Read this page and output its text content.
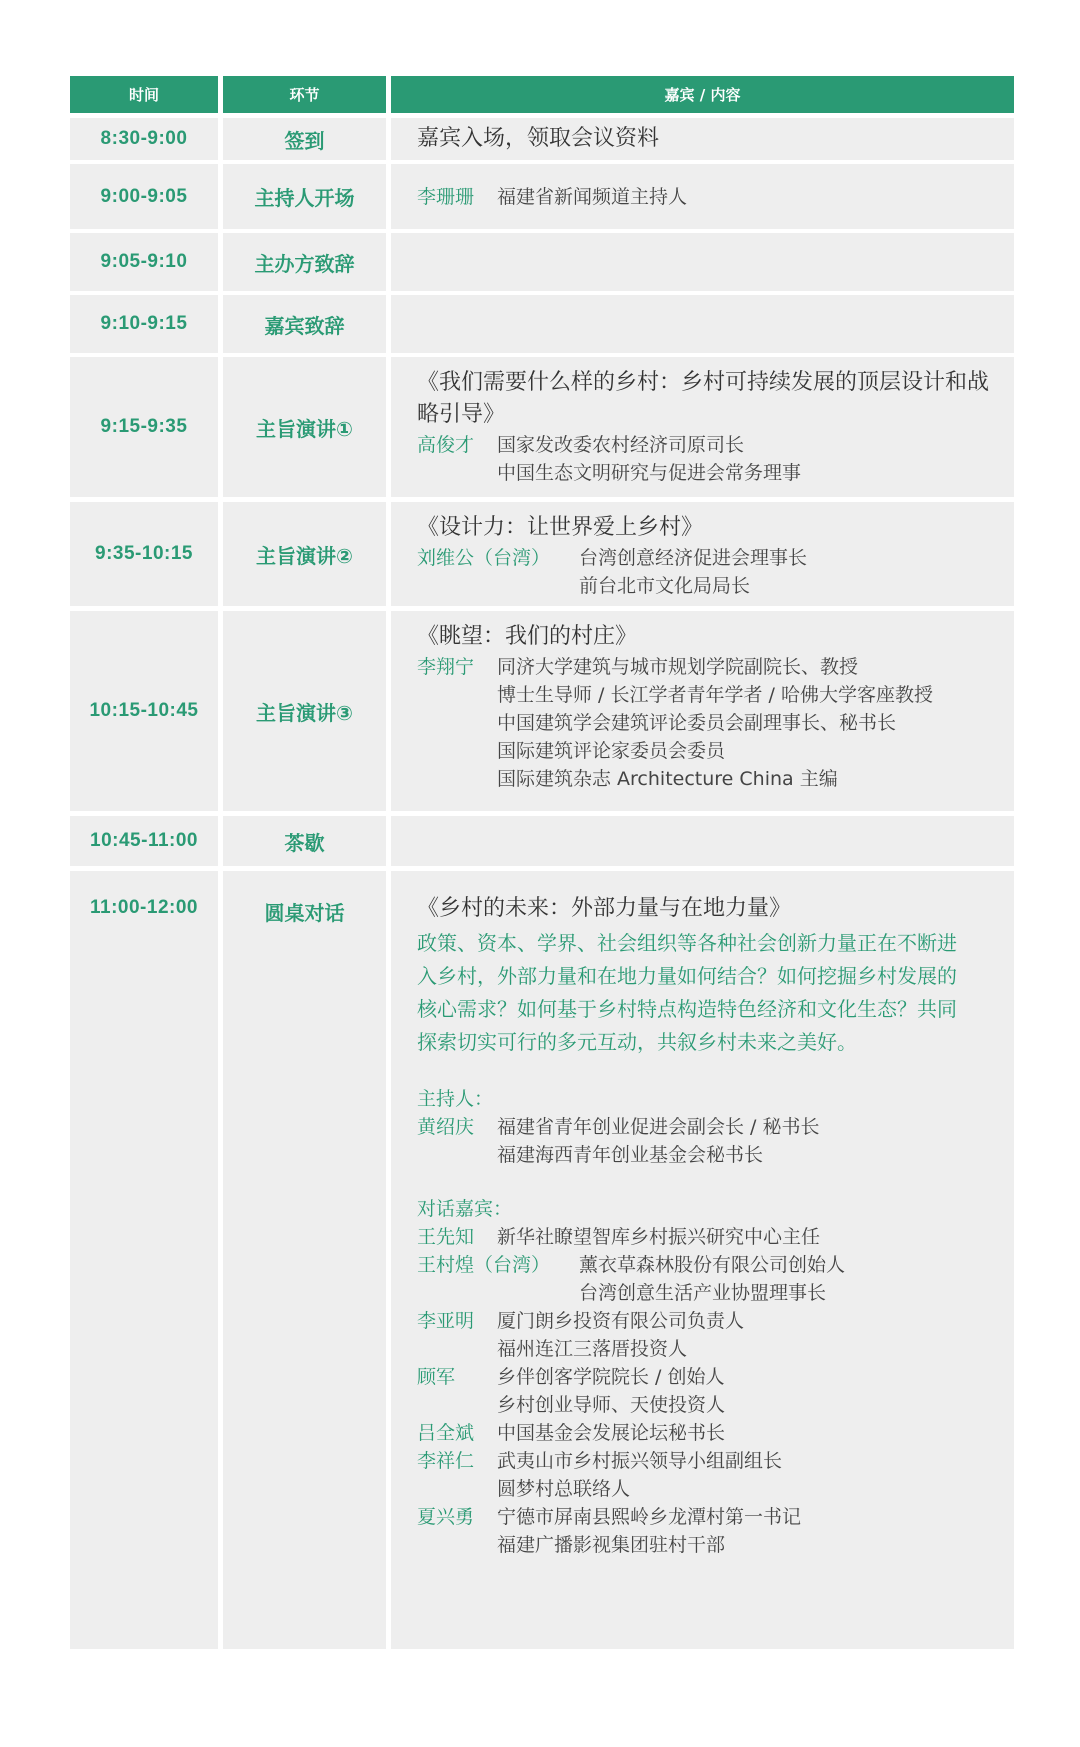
时间	环节	嘉宾 / 内容
8:30-9:00	签到	嘉宾入场，领取会议资料
9:00-9:05	主持人开场	李珊珊	福建省新闻频道主持人
9:05-9:10	主办方致辞
9:10-9:15	嘉宾致辞
9:15-9:35	主旨演讲①
《我们需要什么样的乡村：乡村可持续发展的顶层设计和战略引导》
高俊才	国家发改委农村经济司原司长
中国生态文明研究与促进会常务理事
9:35-10:15	主旨演讲②
《设计力：让世界爱上乡村》
刘维公（台湾）	台湾创意经济促进会理事长
前台北市文化局局长
10:15-10:45	主旨演讲③
《眺望：我们的村庄》
李翔宁	同济大学建筑与城市规划学院副院长、教授
博士生导师 / 长江学者青年学者 / 哈佛大学客座教授
中国建筑学会建筑评论委员会副理事长、秘书长
国际建筑评论家委员会委员
国际建筑杂志 Architecture China 主编
10:45-11:00	茶歇
11:00-12:00	圆桌对话	《乡村的未来：外部力量与在地力量》
政策、资本、学界、社会组织等各种社会创新力量正在不断进
入乡村，外部力量和在地力量如何结合？如何挖掘乡村发展的
核心需求？如何基于乡村特点构造特色经济和文化生态？共同
探索切实可行的多元互动，共叙乡村未来之美好。
主持人：
黄绍庆	福建省青年创业促进会副会长 / 秘书长
福建海西青年创业基金会秘书长
对话嘉宾：
王先知	新华社瞭望智库乡村振兴研究中心主任
王村煌（台湾）	薰衣草森林股份有限公司创始人
台湾创意生活产业协盟理事长
李亚明	厦门朗乡投资有限公司负责人
福州连江三落厝投资人
顾军	乡伴创客学院院长 / 创始人
乡村创业导师、天使投资人
吕全斌	中国基金会发展论坛秘书长
李祥仁	武夷山市乡村振兴领导小组副组长
圆梦村总联络人
夏兴勇	宁德市屏南县熙岭乡龙潭村第一书记
福建广播影视集团驻村干部
